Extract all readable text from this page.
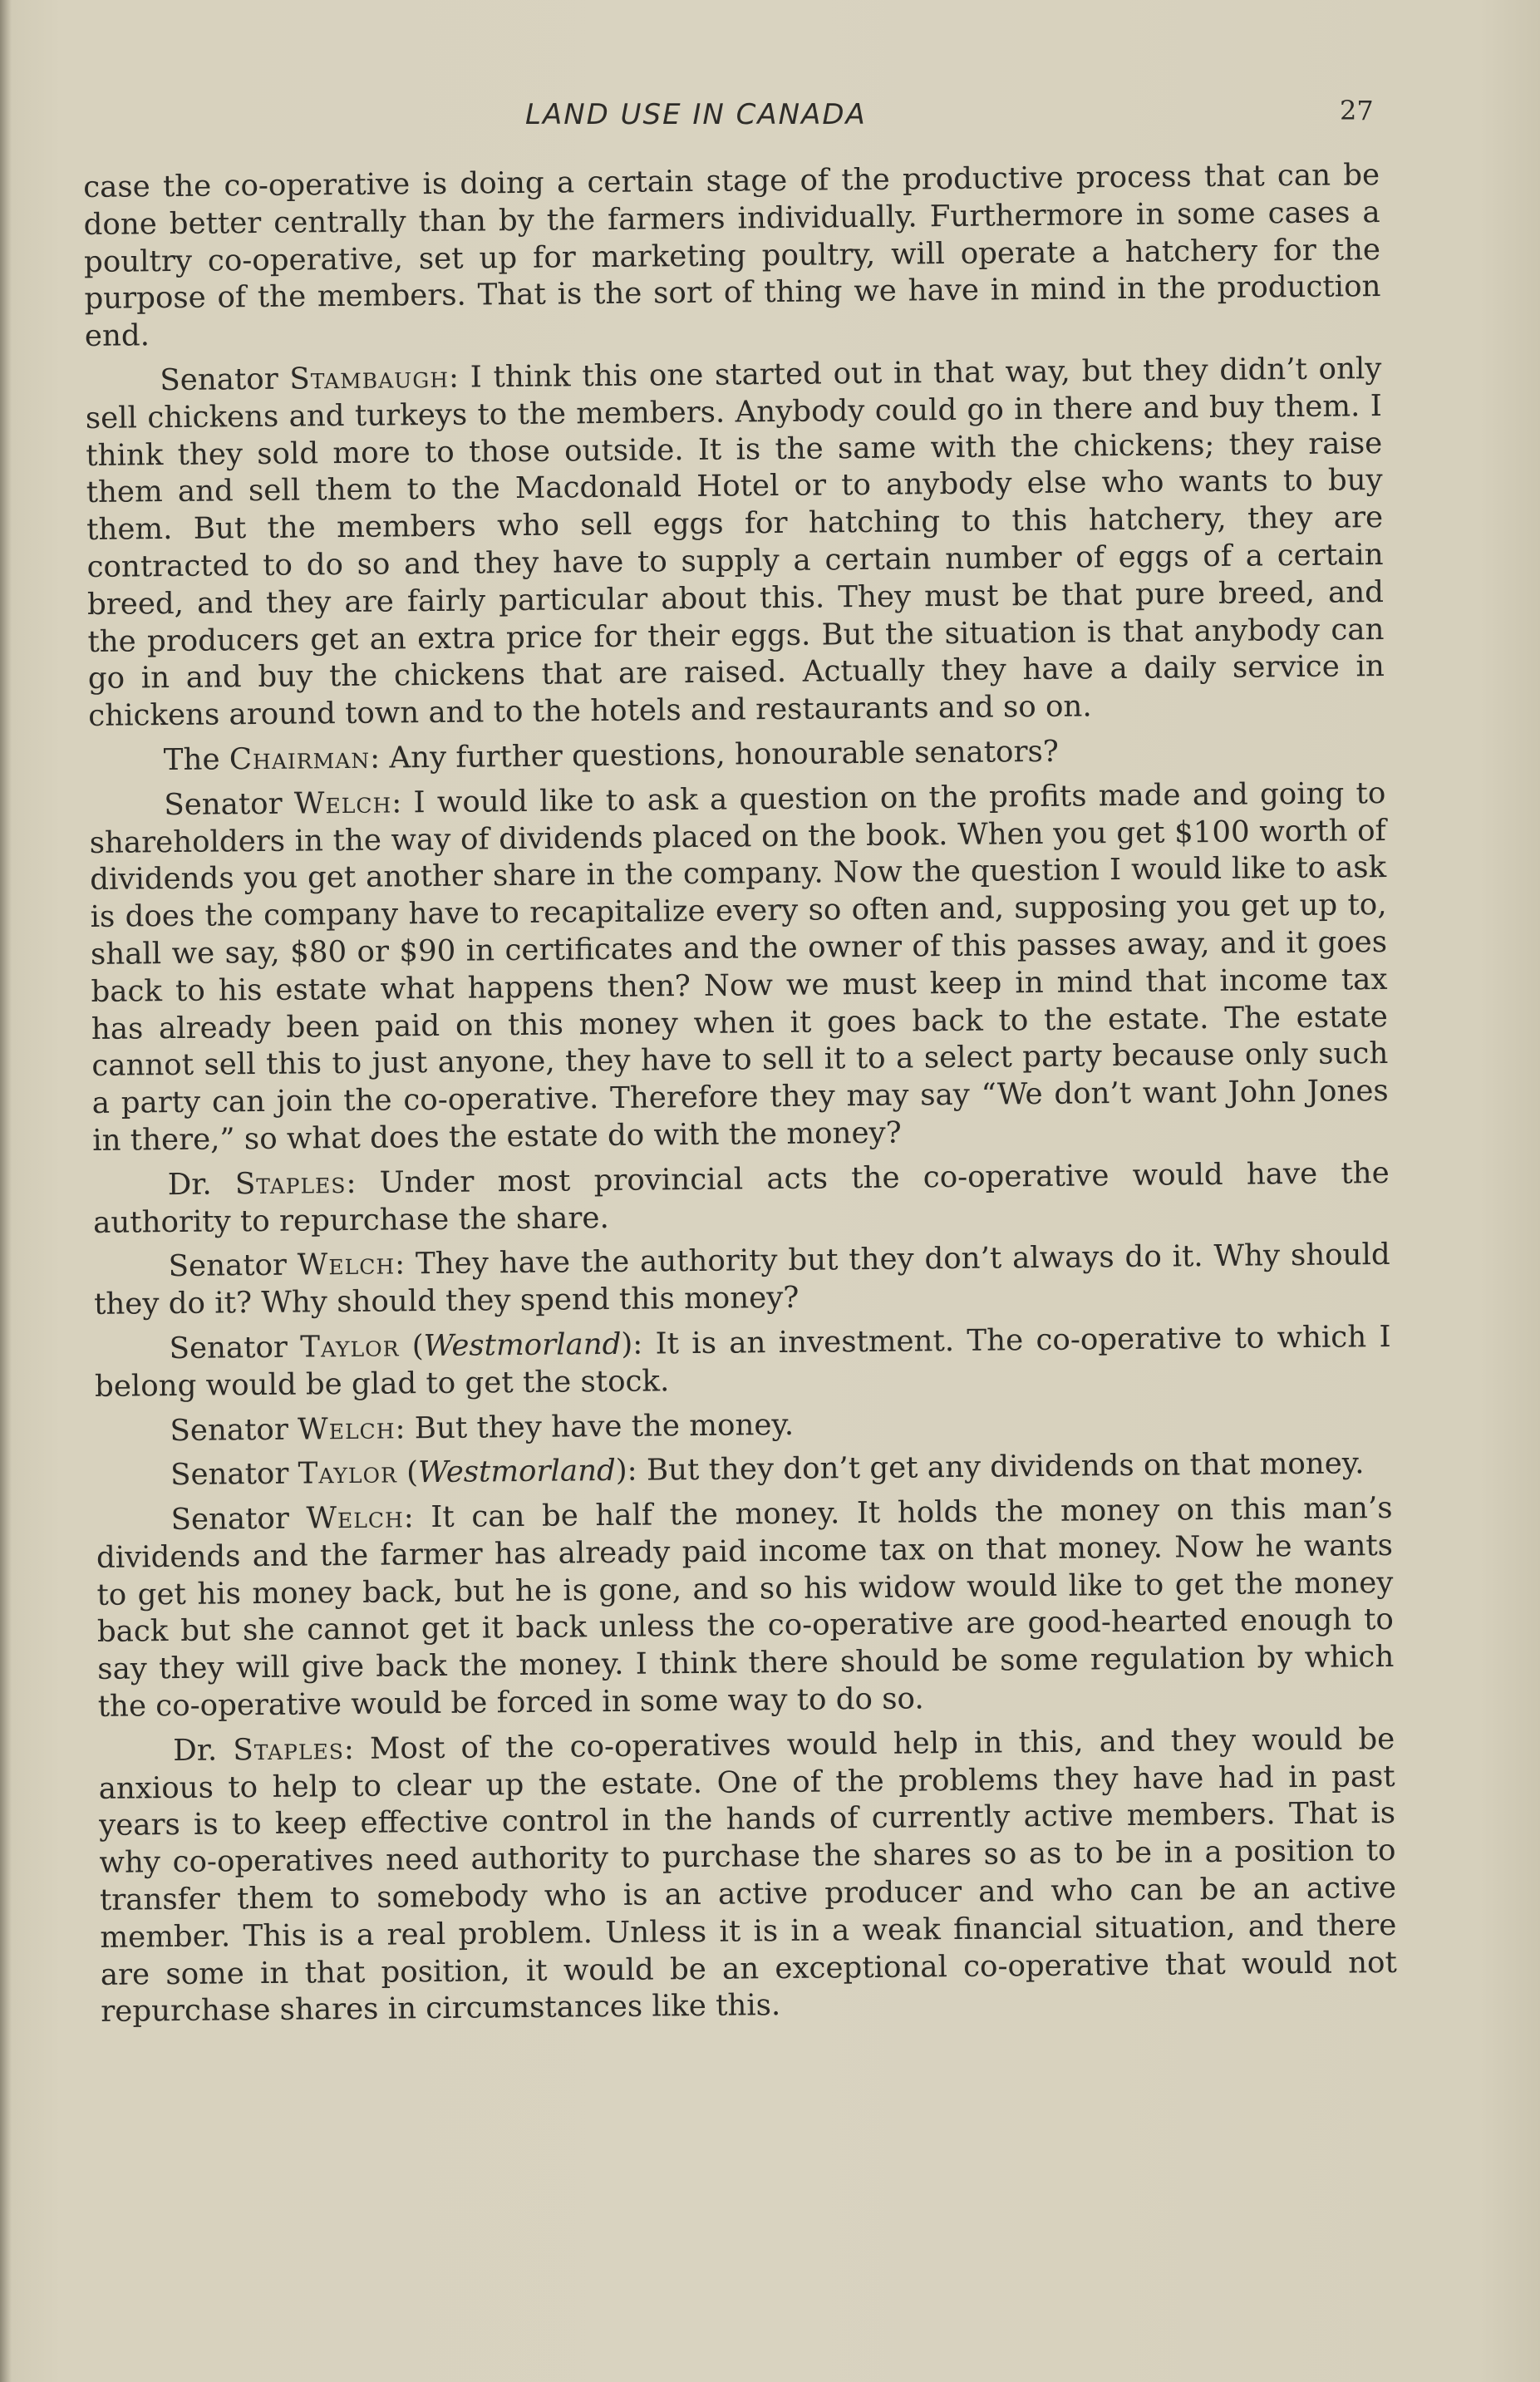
LAND USE IN CANADA	27

case the co-operative is doing a certain stage of the productive process that can be done better centrally than by the farmers individually. Furthermore in some cases a poultry co-operative, set up for marketing poultry, will operate a hatchery for the purpose of the members. That is the sort of thing we have in mind in the production end.

Senator Stambaugh: I think this one started out in that way, but they didn’t only sell chickens and turkeys to the members. Anybody could go in there and buy them. I think they sold more to those outside. It is the same with the chickens; they raise them and sell them to the Macdonald Hotel or to anybody else who wants to buy them. But the members who sell eggs for hatching to this hatchery, they are contracted to do so and they have to supply a certain number of eggs of a certain breed, and they are fairly particular about this. They must be that pure breed, and the producers get an extra price for their eggs. But the situation is that anybody can go in and buy the chickens that are raised. Actually they have a daily service in chickens around town and to the hotels and restaurants and so on.

The Chairman: Any further questions, honourable senators?

Senator Welch: I would like to ask a question on the profits made and going to shareholders in the way of dividends placed on the book. When you get $100 worth of dividends you get another share in the company. Now the question I would like to ask is does the company have to recapitalize every so often and, supposing you get up to, shall we say, $80 or $90 in certificates and the owner of this passes away, and it goes back to his estate what happens then? Now we must keep in mind that income tax has already been paid on this money when it goes back to the estate. The estate cannot sell this to just anyone, they have to sell it to a select party because only such a party can join the co-operative. Therefore they may say “We don’t want John Jones in there,” so what does the estate do with the money?

Dr. Staples: Under most provincial acts the co-operative would have the authority to repurchase the share.

Senator Welch: They have the authority but they don’t always do it. Why should they do it? Why should they spend this money?

Senator Taylor (Westmorland): It is an investment. The co-operative to which I belong would be glad to get the stock.

Senator Welch: But they have the money.

Senator Taylor (Westmorland): But they don’t get any dividends on that money.

Senator Welch: It can be half the money. It holds the money on this man’s dividends and the farmer has already paid income tax on that money. Now he wants to get his money back, but he is gone, and so his widow would like to get the money back but she cannot get it back unless the co-operative are good-hearted enough to say they will give back the money. I think there should be some regulation by which the co-operative would be forced in some way to do so.

Dr. Staples: Most of the co-operatives would help in this, and they would be anxious to help to clear up the estate. One of the problems they have had in past years is to keep effective control in the hands of currently active members. That is why co-operatives need authority to purchase the shares so as to be in a position to transfer them to somebody who is an active producer and who can be an active member. This is a real problem. Unless it is in a weak financial situation, and there are some in that position, it would be an exceptional co-operative that would not repurchase shares in circumstances like this.
